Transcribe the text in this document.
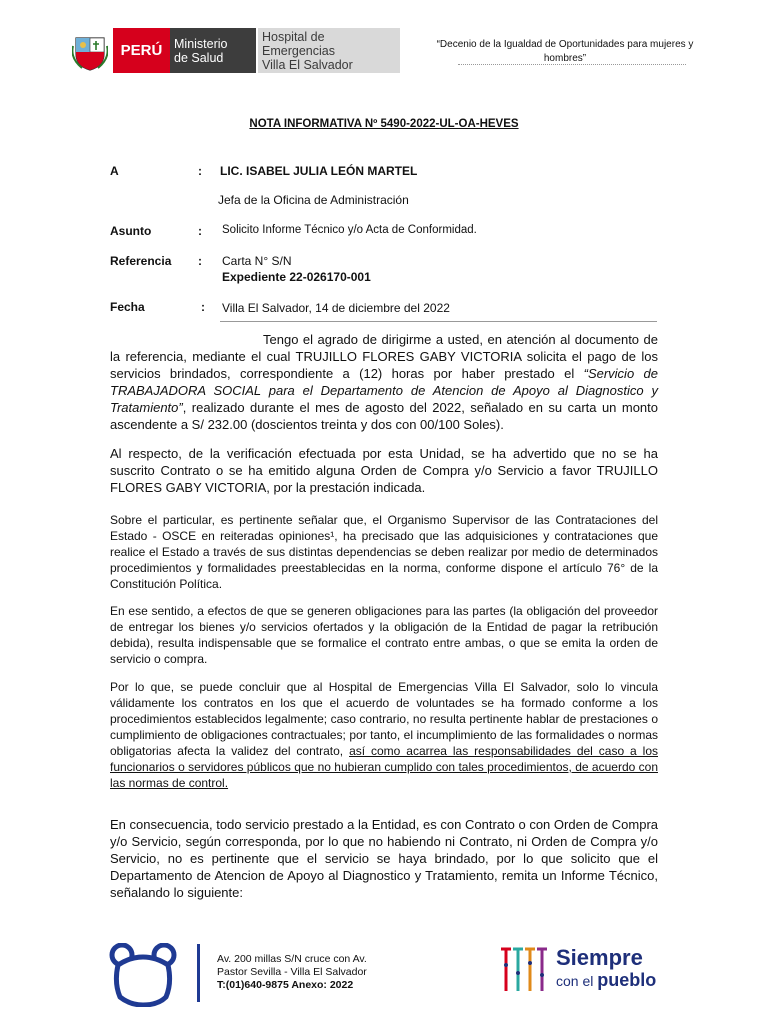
PERÚ Ministerio
de Salud
Hospital de Emergencias
Villa El Salvador
“Decenio de la Igualdad de Oportunidades para mujeres y
hombres”
NOTA INFORMATIVA Nº 5490-2022-UL-OA-HEVES
A	: LIC. ISABEL JULIA LEÓN MARTEL
Jefa de la Oficina de Administración
Asunto	: Solicito Informe Técnico y/o Acta de Conformidad.
Referencia : Carta N° S/N
Expediente 22-026170-001
Fecha	: Villa El Salvador, 14 de diciembre del 2022
Tengo el agrado de dirigirme a usted, en atención al documento de la referencia, mediante el cual TRUJILLO FLORES GABY VICTORIA solicita el pago de los servicios brindados, correspondiente a (12) horas por haber prestado el “Servicio de TRABAJADORA SOCIAL para el Departamento de Atencion de Apoyo al Diagnostico y Tratamiento”, realizado durante el mes de agosto del 2022, señalado en su carta un monto ascendente a S/ 232.00 (doscientos treinta y dos con 00/100 Soles).
Al respecto, de la verificación efectuada por esta Unidad, se ha advertido que no se ha suscrito Contrato o se ha emitido alguna Orden de Compra y/o Servicio a favor TRUJILLO FLORES GABY VICTORIA, por la prestación indicada.
Sobre el particular, es pertinente señalar que, el Organismo Supervisor de las Contrataciones del Estado - OSCE en reiteradas opiniones¹, ha precisado que las adquisiciones y contrataciones que realice el Estado a través de sus distintas dependencias se deben realizar por medio de determinados procedimientos y formalidades preestablecidas en la norma, conforme dispone el artículo 76° de la Constitución Política.
En ese sentido, a efectos de que se generen obligaciones para las partes (la obligación del proveedor de entregar los bienes y/o servicios ofertados y la obligación de la Entidad de pagar la retribución debida), resulta indispensable que se formalice el contrato entre ambas, o que se emita la orden de servicio o compra.
Por lo que, se puede concluir que al Hospital de Emergencias Villa El Salvador, solo lo vincula válidamente los contratos en los que el acuerdo de voluntades se ha formado conforme a los procedimientos establecidos legalmente; caso contrario, no resulta pertinente hablar de prestaciones o cumplimiento de obligaciones contractuales; por tanto, el incumplimiento de las formalidades o normas obligatorias afecta la validez del contrato, así como acarrea las responsabilidades del caso a los funcionarios o servidores públicos que no hubieran cumplido con tales procedimientos, de acuerdo con las normas de control.
En consecuencia, todo servicio prestado a la Entidad, es con Contrato o con Orden de Compra y/o Servicio, según corresponda, por lo que no habiendo ni Contrato, ni Orden de Compra y/o Servicio, no es pertinente que el servicio se haya brindado, por lo que solicito que el Departamento de Atencion de Apoyo al Diagnostico y Tratamiento, remita un Informe Técnico, señalando lo siguiente:
Av. 200 millas S/N cruce con Av.
Pastor Sevilla - Villa El Salvador
T:(01)640-9875 Anexo: 2022
Siempre
con el pueblo
